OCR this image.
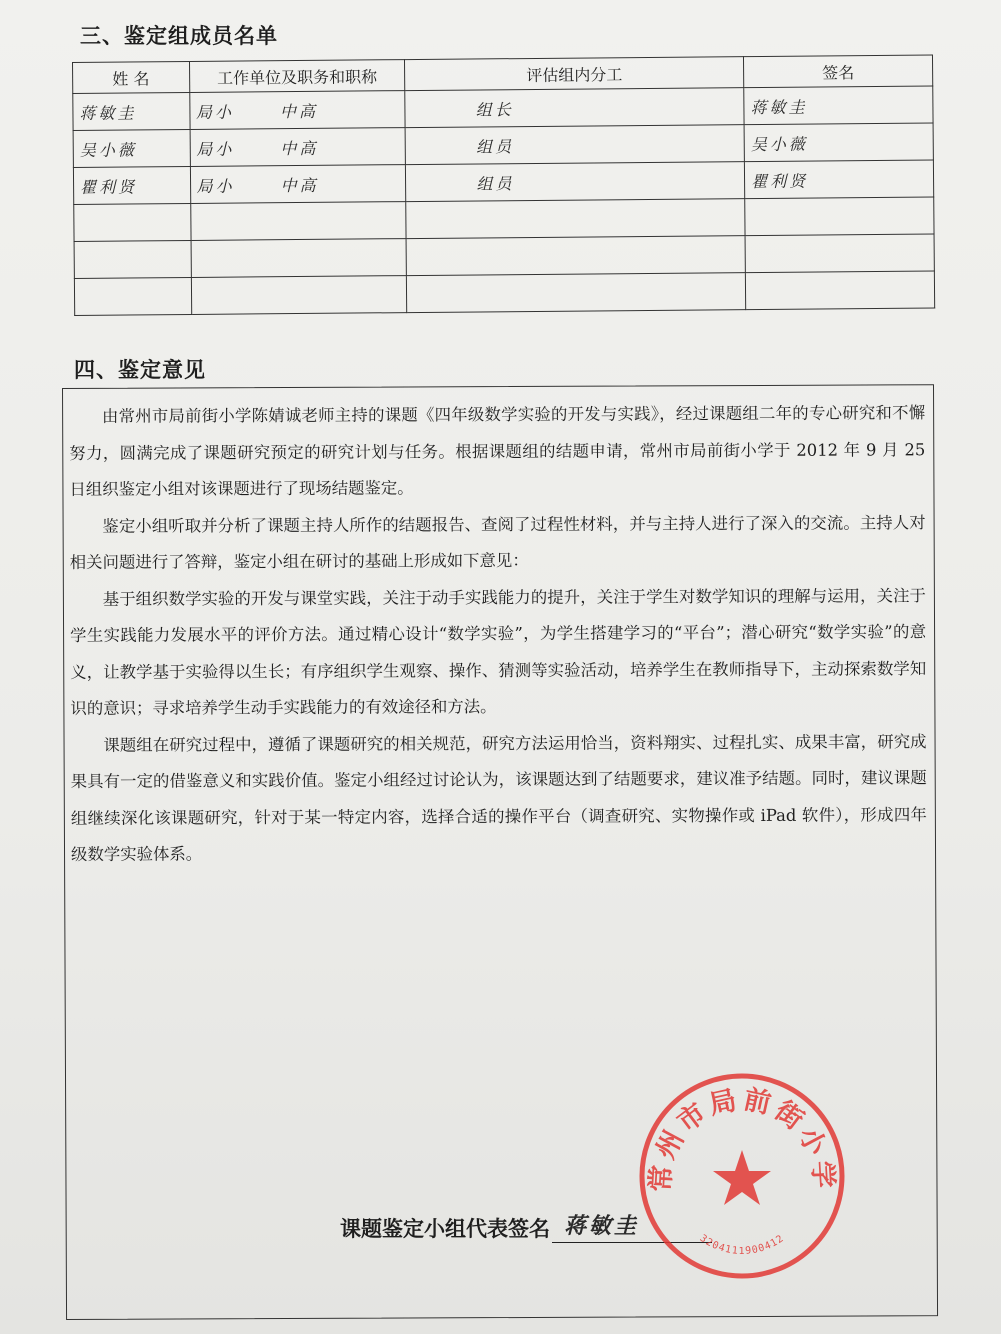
三、鉴定组成员名单
姓 名	工作单位及职务和职称	评估组内分工	签名
蒋敏圭	局小 中高	组长	蒋敏圭
吴小薇	局小 中高	组员	吴小薇
瞿利贤	局小 中高	组员	瞿利贤

四、鉴定意见

由常州市局前街小学陈婧诚老师主持的课题《四年级数学实验的开发与实践》，经过课题组二年的专心研究和不懈努力，圆满完成了课题研究预定的研究计划与任务。根据课题组的结题申请，常州市局前街小学于 2012 年 9 月 25 日组织鉴定小组对该课题进行了现场结题鉴定。

鉴定小组听取并分析了课题主持人所作的结题报告、查阅了过程性材料，并与主持人进行了深入的交流。主持人对相关问题进行了答辩，鉴定小组在研讨的基础上形成如下意见：

基于组织数学实验的开发与课堂实践，关注于动手实践能力的提升，关注于学生对数学知识的理解与运用，关注于学生实践能力发展水平的评价方法。通过精心设计“数学实验”，为学生搭建学习的“平台”；潜心研究“数学实验”的意义，让教学基于实验得以生长；有序组织学生观察、操作、猜测等实验活动，培养学生在教师指导下，主动探索数学知识的意识；寻求培养学生动手实践能力的有效途径和方法。

课题组在研究过程中，遵循了课题研究的相关规范，研究方法运用恰当，资料翔实、过程扎实、成果丰富，研究成果具有一定的借鉴意义和实践价值。鉴定小组经过讨论认为，该课题达到了结题要求，建议准予结题。同时，建议课题组继续深化该课题研究，针对于某一特定内容，选择合适的操作平台（调查研究、实物操作或 iPad 软件），形成四年级数学实验体系。

课题鉴定小组代表签名 蒋敏圭
常州市局前街小学
3204111900412
